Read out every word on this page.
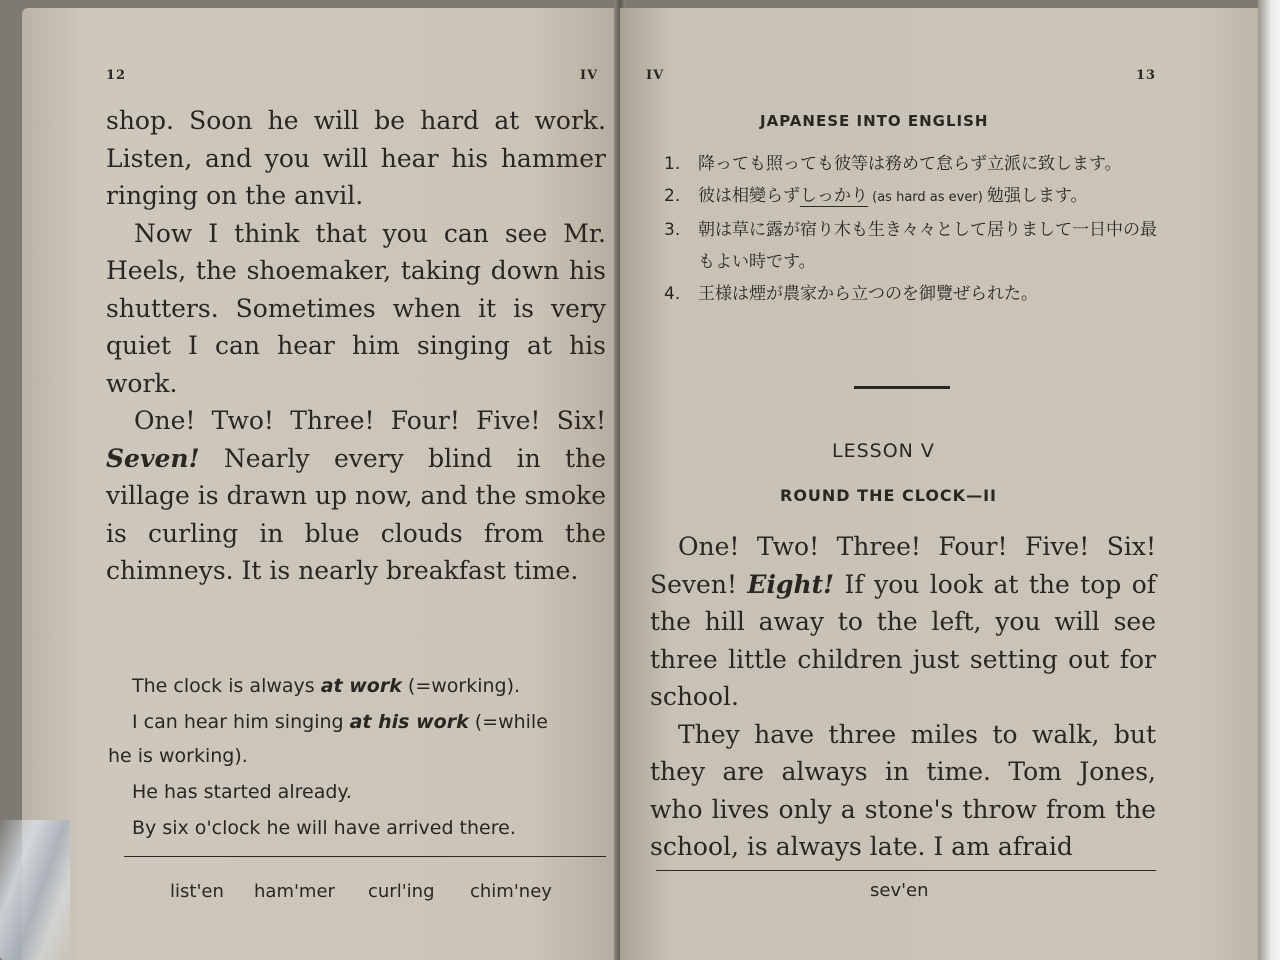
12	IV

shop. Soon he will be hard at work. Listen, and you will hear his hammer ringing on the anvil.

Now I think that you can see Mr. Heels, the shoemaker, taking down his shutters. Sometimes when it is very quiet I can hear him singing at his work.

One! Two! Three! Four! Five! Six! Seven! Nearly every blind in the village is drawn up now, and the smoke is curling in blue clouds from the chimneys. It is nearly breakfast time.

The clock is always at work (=working).

I can hear him singing at his work (=while

he is working).

He has started already.

By six o'clock he will have arrived there.

list'en ham'mer curl'ing chim'ney
IV	13
JAPANESE INTO ENGLISH
1. 降っても照っても彼等は務めて怠らず立派に致します。
2. 彼は相變らずしっかり (as hard as ever) 勉强します。
3. 朝は草に露が宿り木も生き々々として居りまして一日中の最もよい時です。
4. 王様は煙が農家から立つのを御覽ぜられた。
LESSON V
ROUND THE CLOCK—II

One! Two! Three! Four! Five! Six! Seven! Eight! If you look at the top of the hill away to the left, you will see three little children just setting out for school.

They have three miles to walk, but they are always in time. Tom Jones, who lives only a stone's throw from the school, is always late. I am afraid

sev'en
